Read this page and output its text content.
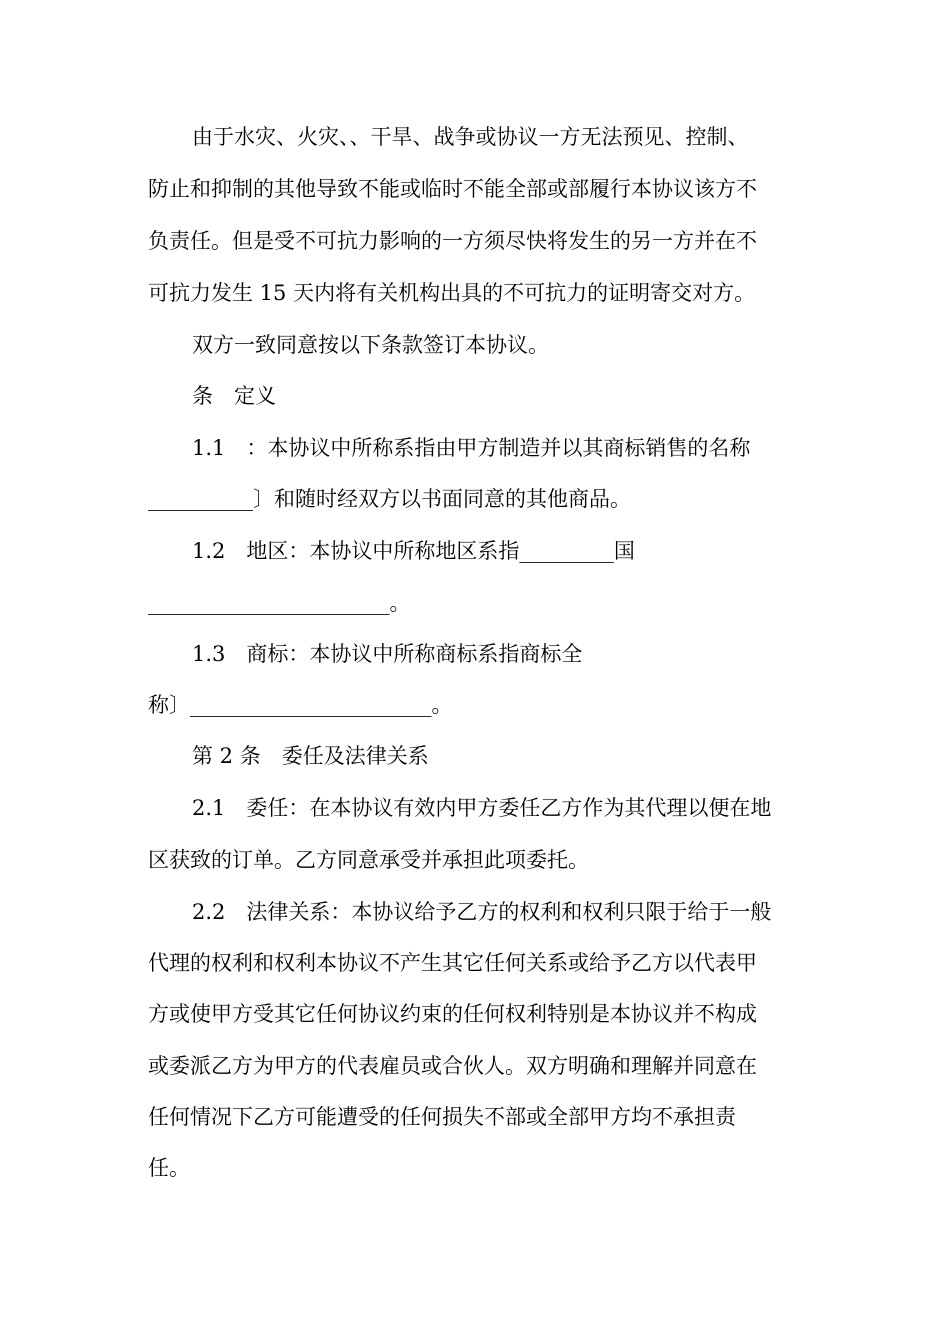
由于水灾、火灾、、干旱、战争或协议一方无法预见、控制、
防止和抑制的其他导致不能或临时不能全部或部履行本协议该方不
负责任。但是受不可抗力影响的一方须尽快将发生的另一方并在不
可抗力发生 15 天内将有关机构出具的不可抗力的证明寄交对方。
双方一致同意按以下条款签订本协议。
条　定义
1.1　：本协议中所称系指由甲方制造并以其商标销售的名称
__________〕和随时经双方以书面同意的其他商品。
1.2　地区：本协议中所称地区系指_________国
_______________________。
1.3　商标：本协议中所称商标系指商标全
称〕_______________________。
第 2 条　委任及法律关系
2.1　委任：在本协议有效内甲方委任乙方作为其代理以便在地
区获致的订单。乙方同意承受并承担此项委托。
2.2　法律关系：本协议给予乙方的权利和权利只限于给于一般
代理的权利和权利本协议不产生其它任何关系或给予乙方以代表甲
方或使甲方受其它任何协议约束的任何权利特别是本协议并不构成
或委派乙方为甲方的代表雇员或合伙人。双方明确和理解并同意在
任何情况下乙方可能遭受的任何损失不部或全部甲方均不承担责
任。
